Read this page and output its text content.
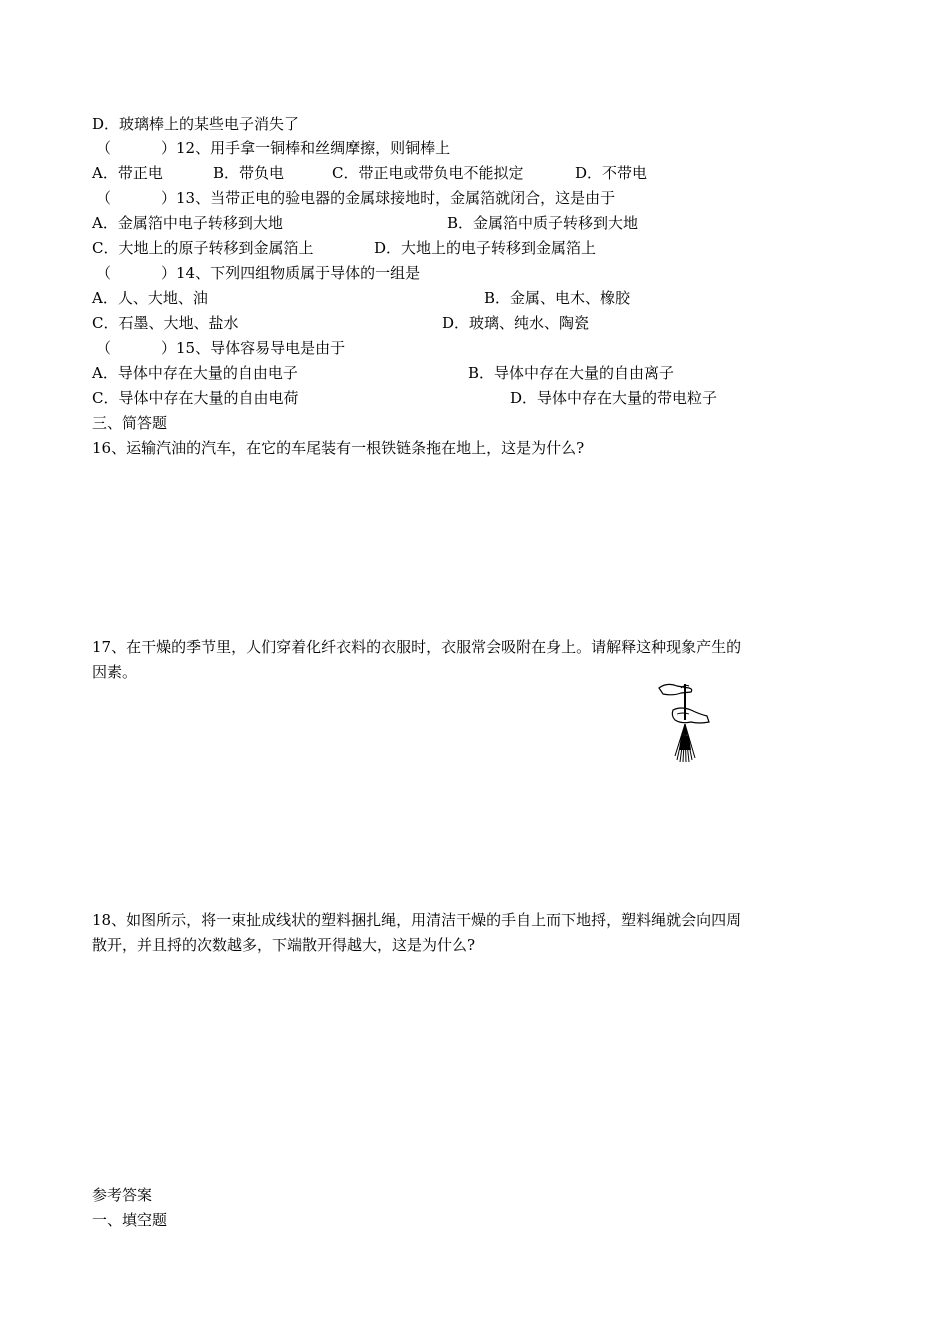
D．玻璃棒上的某些电子消失了
（	）12、用手拿一铜棒和丝绸摩擦，则铜棒上
A．带正电	B．带负电	C．带正电或带负电不能拟定	D．不带电
（	）13、当带正电的验电器的金属球接地时，金属箔就闭合，这是由于
A．金属箔中电子转移到大地	B．金属箔中质子转移到大地
C．大地上的原子转移到金属箔上	D．大地上的电子转移到金属箔上
（	）14、下列四组物质属于导体的一组是
A．人、大地、油	B．金属、电木、橡胶
C．石墨、大地、盐水	D．玻璃、纯水、陶瓷
（	）15、导体容易导电是由于
A．导体中存在大量的自由电子	B．导体中存在大量的自由离子
C．导体中存在大量的自由电荷	D．导体中存在大量的带电粒子
三、简答题
16、运输汽油的汽车，在它的车尾装有一根铁链条拖在地上，这是为什么?
17、在干燥的季节里，人们穿着化纤衣料的衣服时，衣服常会吸附在身上。请解释这种现象产生的
因素。
18、如图所示，将一束扯成线状的塑料捆扎绳，用清洁干燥的手自上而下地捋，塑料绳就会向四周
散开，并且捋的次数越多，下端散开得越大，这是为什么?
参考答案
一、填空题
